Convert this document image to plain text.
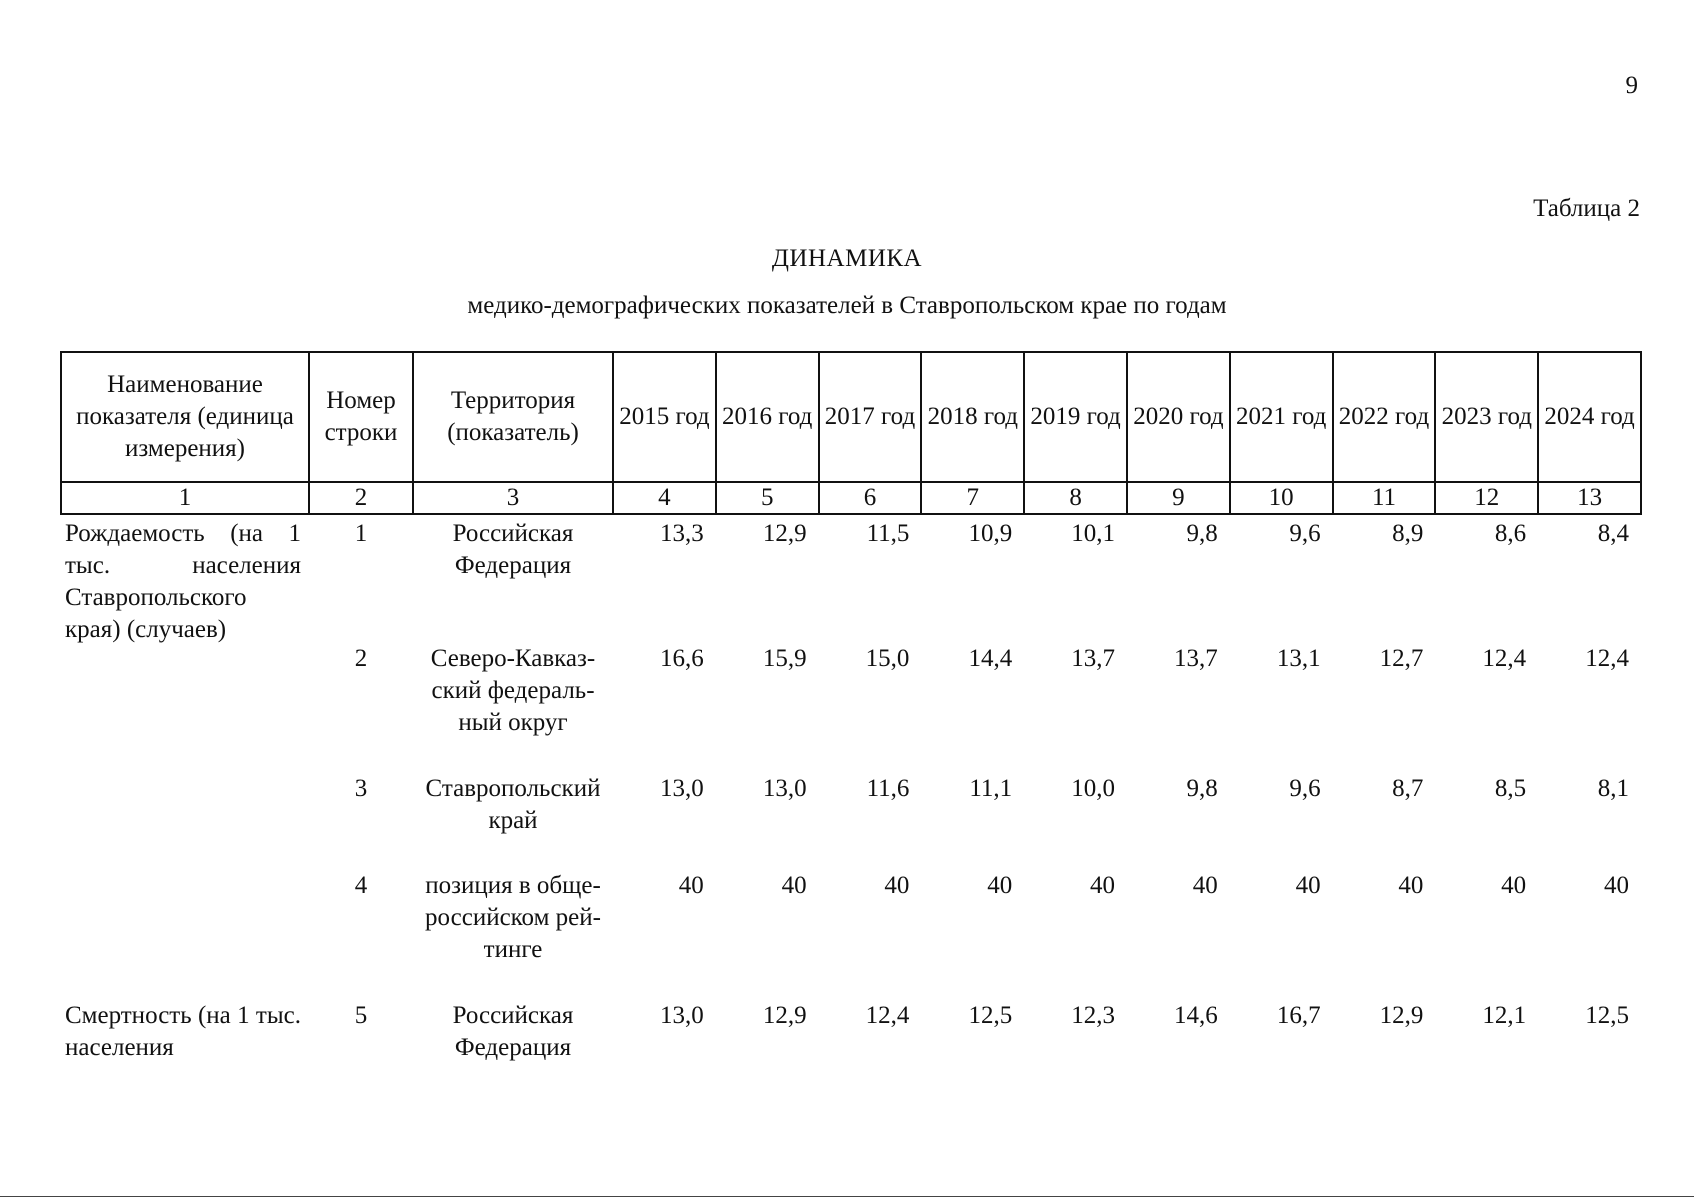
9
Таблица 2
ДИНАМИКА
медико-демографических показателей в Ставропольском крае по годам
Наименование показателя (единица измерения)	Номер строки	Территория (показатель)	2015 год	2016 год	2017 год	2018 год	2019 год	2020 год	2021 год	2022 год	2023 год	2024 год
1	2	3	4	5	6	7	8	9	10	11	12	13
Рождаемость (на 1 тыс. населения Ставропольского края) (случаев)	1	Российская Федерация	13,3	12,9	11,5	10,9	10,1	9,8	9,6	8,9	8,6	8,4
	2	Северо-Кавказ-ский федераль-ный округ	16,6	15,9	15,0	14,4	13,7	13,7	13,1	12,7	12,4	12,4
	3	Ставропольский край	13,0	13,0	11,6	11,1	10,0	9,8	9,6	8,7	8,5	8,1
	4	позиция в обще-российском рей-тинге	40	40	40	40	40	40	40	40	40	40
Смертность (на 1 тыс. населения	5	Российская Федерация	13,0	12,9	12,4	12,5	12,3	14,6	16,7	12,9	12,1	12,5
